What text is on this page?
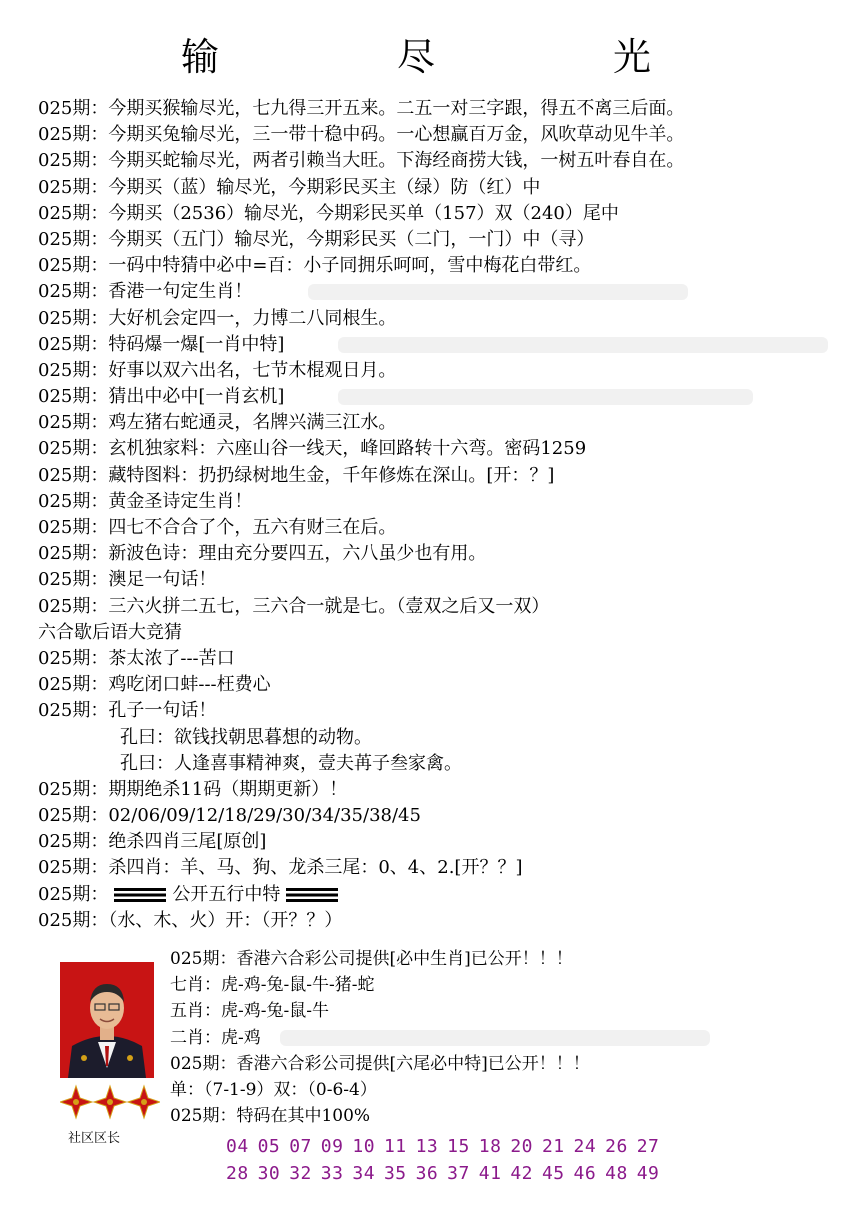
输　尽　光
025期：今期买猴输尽光，七九得三开五来。二五一对三字跟，得五不离三后面。
025期：今期买兔输尽光，三一带十稳中码。一心想赢百万金，风吹草动见牛羊。
025期：今期买蛇输尽光，两者引赖当大旺。下海经商捞大钱，一树五叶春自在。
025期：今期买（蓝）输尽光，今期彩民买主（绿）防（红）中
025期：今期买（2536）输尽光，今期彩民买单（157）双（240）尾中
025期：今期买（五门）输尽光，今期彩民买（二门，一门）中（寻）
025期：一码中特猜中必中=百：小子同拥乐呵呵，雪中梅花白带红。
025期：香港一句定生肖！
025期：大好机会定四一，力博二八同根生。
025期：特码爆一爆[一肖中特]
025期：好事以双六出名，七节木棍观日月。
025期：猜出中必中[一肖玄机]
025期：鸡左猪右蛇通灵，名牌兴满三江水。
025期：玄机独家料：六座山谷一线天，峰回路转十六弯。密码1259
025期：藏特图料：扔扔绿树地生金，千年修炼在深山。[开：？]
025期：黄金圣诗定生肖！
025期：四七不合合了个，五六有财三在后。
025期：新波色诗：理由充分要四五，六八虽少也有用。
025期：澳足一句话！
025期：三六火拼二五七，三六合一就是七。（壹双之后又一双）
六合歇后语大竞猜
025期：茶太浓了---苦口
025期：鸡吃闭口蚌---枉费心
025期：孔子一句话！
孔曰：欲钱找朝思暮想的动物。
孔曰：人逢喜事精神爽，壹夫苒子叁家禽。
025期：期期绝杀11码（期期更新）！
025期：02/06/09/12/18/29/30/34/35/38/45
025期：绝杀四肖三尾[原创]
025期：杀四肖：羊、马、狗、龙杀三尾：0、4、2.[开？？]
025期：	公开五行中特
025期：（水、木、火）开：（开？？）
社区区长
025期：香港六合彩公司提供[必中生肖]已公开！！！
七肖：虎-鸡-兔-鼠-牛-猪-蛇
五肖：虎-鸡-兔-鼠-牛
二肖：虎-鸡
025期：香港六合彩公司提供[六尾必中特]已公开！！！
单：（7-1-9）双：（0-6-4）
025期：特码在其中100%
04 05 07 09 10 11 13 15 18 20 21 24 26 27
28 30 32 33 34 35 36 37 41 42 45 46 48 49
